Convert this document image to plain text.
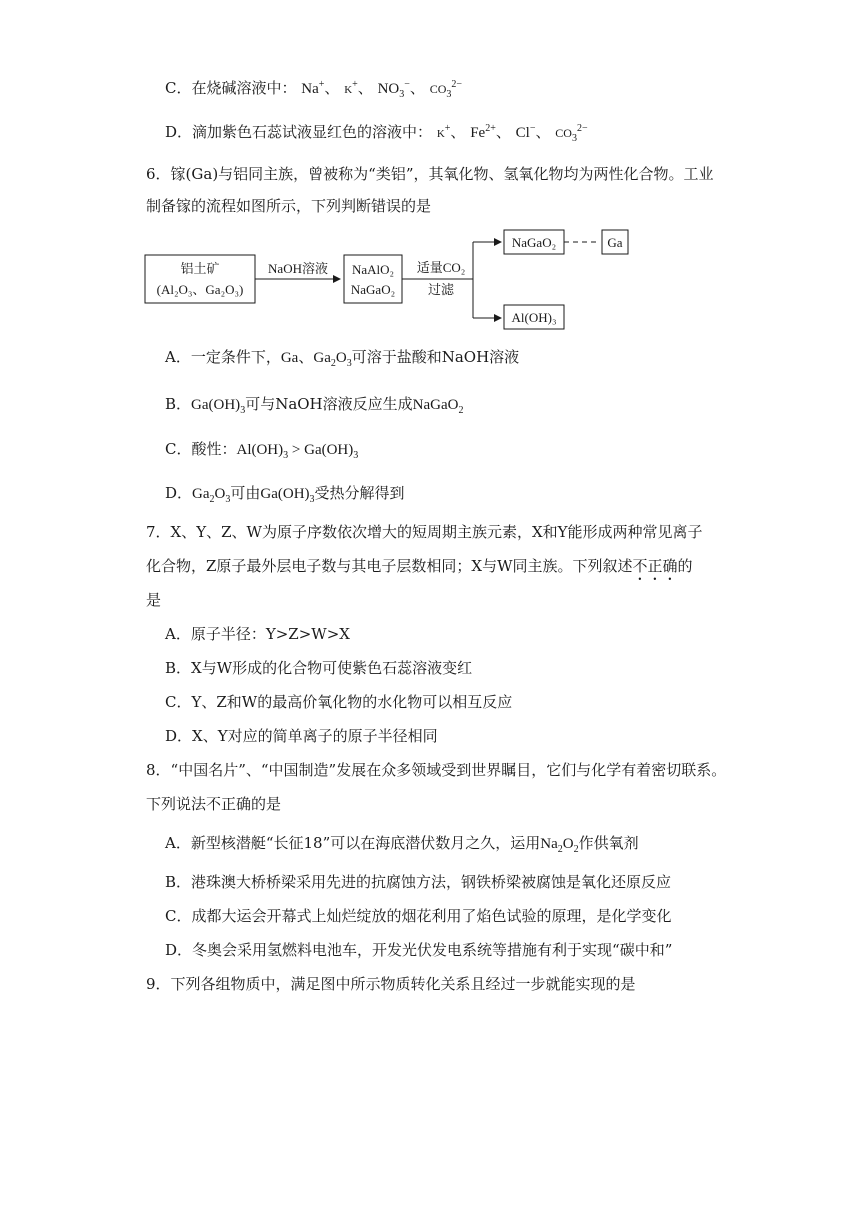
C．在烧碱溶液中： Na+、 K+、 $NO_3^-$、 $CO_3^{2-}$
D．滴加紫色石蕊试液显红色的溶液中： K+、 $Fe^{2+}$、 Cl−、 $CO_3^{2-}$
6．镓(Ga)与铝同主族，曾被称为“类铝”，其氧化物、氢氧化物均为两性化合物。工业
制备镓的流程如图所示，下列判断错误的是
铝土矿
(Al₂O₃、Ga₂O₃)
NaOH溶液 NaAlO₂
NaGaO₂
适量CO₂
过滤
NaGaO₂	Ga
Al(OH)₃
A．一定条件下，Ga、$Ga_2O_3$可溶于盐酸和NaOH溶液
B．$Ga(OH)_3$可与NaOH溶液反应生成NaGaO$_2$
C．酸性：$Al(OH)_3 > Ga(OH)_3$
D．$Ga_2O_3$可由$Ga(OH)_3$受热分解得到
7．X、Y、Z、W为原子序数依次增大的短周期主族元素，X和Y能形成两种常见离子
化合物，Z原子最外层电子数与其电子层数相同；X与W同主族。下列叙述不正确的
是
A．原子半径：Y>Z>W>X
B．X与W形成的化合物可使紫色石蕊溶液变红
C．Y、Z和W的最高价氧化物的水化物可以相互反应
D．X、Y对应的简单离子的原子半径相同
8．“中国名片”、“中国制造”发展在众多领域受到世界瞩目，它们与化学有着密切联系。
下列说法不正确的是
A．新型核潜艇“长征18”可以在海底潜伏数月之久，运用$Na_2O_2$作供氧剂
B．港珠澳大桥桥梁采用先进的抗腐蚀方法，钢铁桥梁被腐蚀是氧化还原反应
C．成都大运会开幕式上灿烂绽放的烟花利用了焰色试验的原理，是化学变化
D．冬奥会采用氢燃料电池车，开发光伏发电系统等措施有利于实现“碳中和”
9．下列各组物质中，满足图中所示物质转化关系且经过一步就能实现的是
